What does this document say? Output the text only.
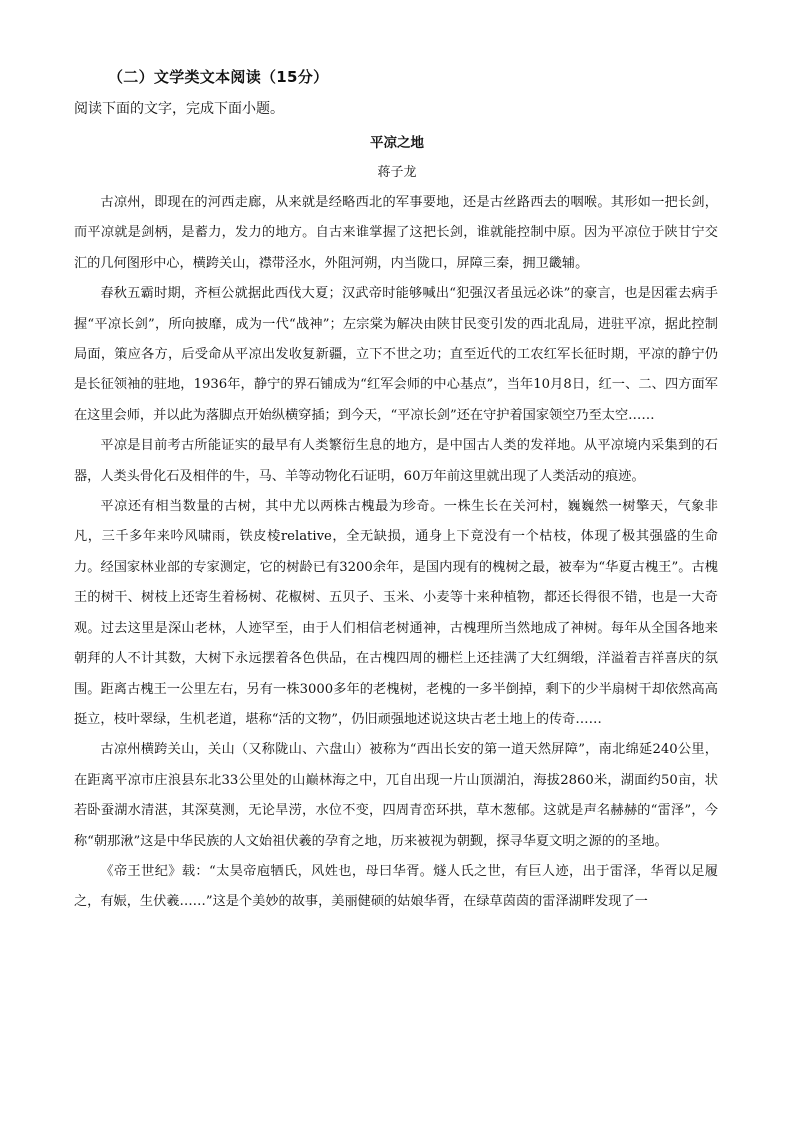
（二）文学类文本阅读（15分）
阅读下面的文字，完成下面小题。
平凉之地
蒋子龙

古凉州，即现在的河西走廊，从来就是经略西北的军事要地，还是古丝路西去的咽喉。其形如一把长剑，而平凉就是剑柄，是蓄力，发力的地方。自古来谁掌握了这把长剑，谁就能控制中原。因为平凉位于陕甘宁交汇的几何图形中心，横跨关山，襟带泾水，外阻河朔，内当陇口，屏障三秦，拥卫畿辅。

春秋五霸时期，齐桓公就据此西伐大夏；汉武帝时能够喊出“犯强汉者虽远必诛”的豪言，也是因霍去病手握“平凉长剑”，所向披靡，成为一代“战神”；左宗棠为解决由陕甘民变引发的西北乱局，进驻平凉，据此控制局面，策应各方，后受命从平凉出发收复新疆，立下不世之功；直至近代的工农红军长征时期，平凉的静宁仍是长征领袖的驻地，1936年，静宁的界石铺成为“红军会师的中心基点”，当年10月8日，红一、二、四方面军在这里会师，并以此为落脚点开始纵横穿插；到今天，“平凉长剑”还在守护着国家领空乃至太空……

平凉是目前考古所能证实的最早有人类繁衍生息的地方，是中国古人类的发祥地。从平凉境内采集到的石器，人类头骨化石及相伴的牛，马、羊等动物化石证明，60万年前这里就出现了人类活动的痕迹。

平凉还有相当数量的古树，其中尤以两株古槐最为珍奇。一株生长在关河村，巍巍然一树擎天，气象非凡，三千多年来吟风啸雨，铁皮棱relative，全无缺损，通身上下竟没有一个枯枝，体现了极其强盛的生命力。经国家林业部的专家测定，它的树龄已有3200余年，是国内现有的槐树之最，被奉为“华夏古槐王”。古槐王的树干、树枝上还寄生着杨树、花椒树、五贝子、玉米、小麦等十来种植物，都还长得很不错，也是一大奇观。过去这里是深山老林，人迹罕至，由于人们相信老树通神，古槐理所当然地成了神树。每年从全国各地来朝拜的人不计其数，大树下永远摆着各色供品，在古槐四周的栅栏上还挂满了大红绸缎，洋溢着吉祥喜庆的氛围。距离古槐王一公里左右，另有一株3000多年的老槐树，老槐的一多半倒掉，剩下的少半扇树干却依然高高挺立，枝叶翠绿，生机老道，堪称“活的文物”，仍旧顽强地述说这块古老土地上的传奇……

古凉州横跨关山，关山（又称陇山、六盘山）被称为“西出长安的第一道天然屏障”，南北绵延240公里，在距离平凉市庄浪县东北33公里处的山巅林海之中，兀自出现一片山顶湖泊，海拔2860米，湖面约50亩，状若卧蚕湖水清湛，其深莫测，无论旱涝，水位不变，四周青峦环拱，草木葱郁。这就是声名赫赫的“雷泽”，今称“朝那湫”这是中华民族的人文始祖伏羲的孕育之地，历来被视为朝觐，探寻华夏文明之源的的圣地。

《帝王世纪》载：“太昊帝庖牺氏，风姓也，母曰华胥。燧人氏之世，有巨人迹，出于雷泽，华胥以足履之，有娠，生伏羲……”这是个美妙的故事，美丽健硕的姑娘华胥，在绿草茵茵的雷泽湖畔发现了一
